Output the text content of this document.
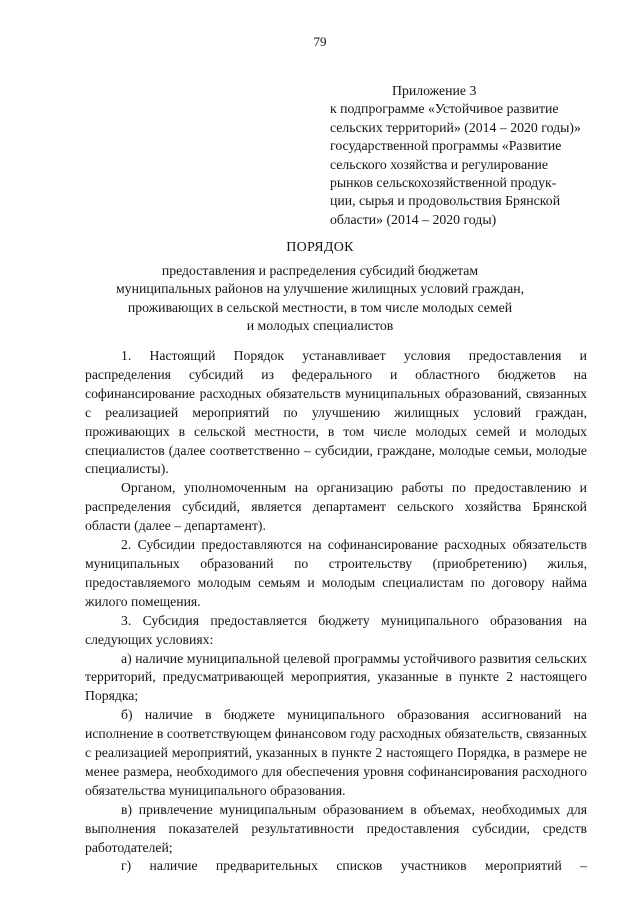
79
Приложение 3
к подпрограмме «Устойчивое развитие
сельских территорий» (2014 – 2020 годы)»
государственной программы «Развитие
сельского хозяйства и регулирование
рынков сельскохозяйственной продук-
ции, сырья и продовольствия Брянской
области» (2014 – 2020 годы)
ПОРЯДОК
предоставления и распределения субсидий бюджетам
муниципальных районов на улучшение жилищных условий граждан,
проживающих в сельской местности, в том числе молодых семей
и молодых специалистов

1. Настоящий Порядок устанавливает условия предоставления и распределения субсидий из федерального и областного бюджетов на софинансирование расходных обязательств муниципальных образований, связанных с реализацией мероприятий по улучшению жилищных условий граждан, проживающих в сельской местности, в том числе молодых семей и молодых специалистов (далее соответственно – субсидии, граждане, молодые семьи, молодые специалисты).

Органом, уполномоченным на организацию работы по предоставлению и распределения субсидий, является департамент сельского хозяйства Брянской области (далее – департамент).

2. Субсидии предоставляются на софинансирование расходных обязательств муниципальных образований по строительству (приобретению) жилья, предоставляемого молодым семьям и молодым специалистам по договору найма жилого помещения.

3. Субсидия предоставляется бюджету муниципального образования на следующих условиях:

а) наличие муниципальной целевой программы устойчивого развития сельских территорий, предусматривающей мероприятия, указанные в пункте 2 настоящего Порядка;

б) наличие в бюджете муниципального образования ассигнований на исполнение в соответствующем финансовом году расходных обязательств, связанных с реализацией мероприятий, указанных в пункте 2 настоящего Порядка, в размере не менее размера, необходимого для обеспечения уровня софинансирования расходного обязательства муниципального образования.

в) привлечение муниципальным образованием в объемах, необходимых для выполнения показателей результативности предоставления субсидии, средств работодателей;

г) наличие предварительных списков участников мероприятий –
